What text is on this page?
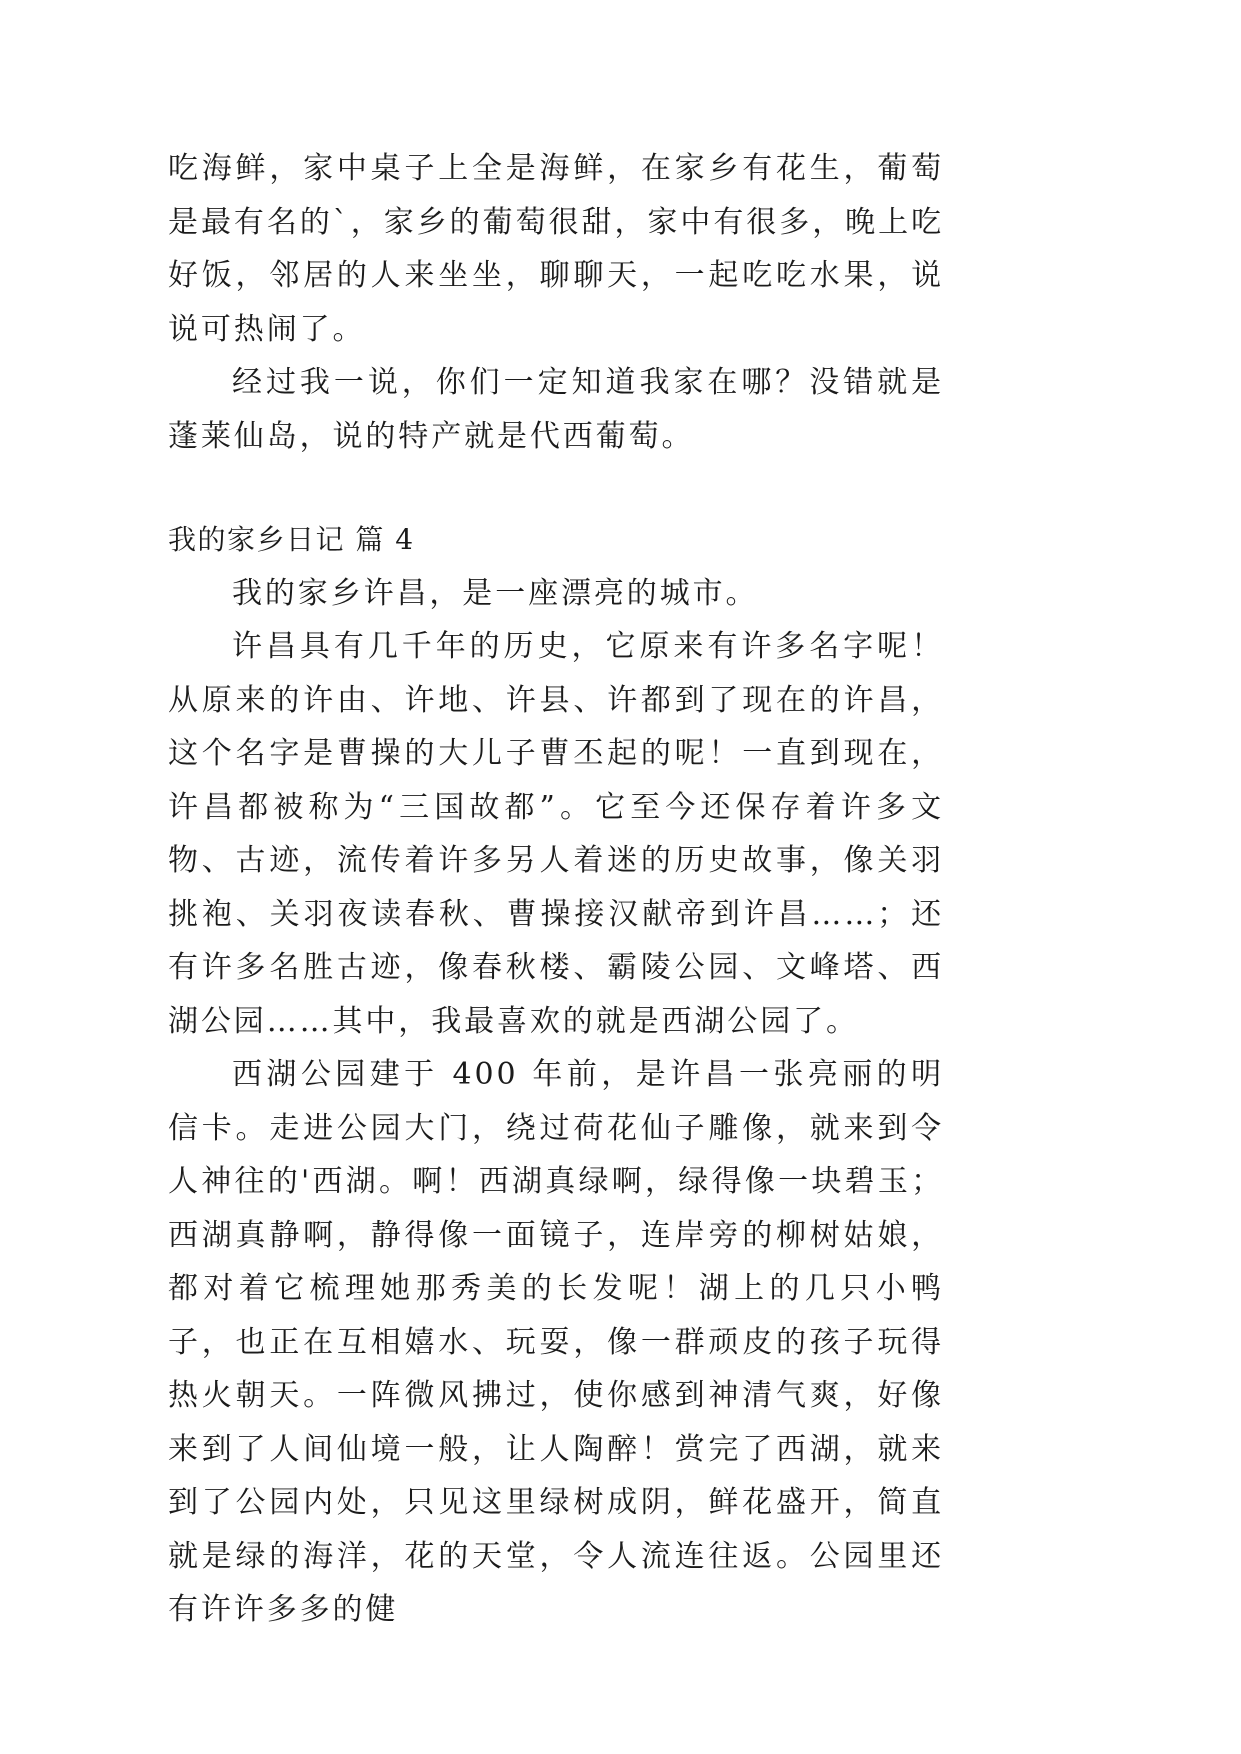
吃海鲜，家中桌子上全是海鲜，在家乡有花生，葡萄是最有名的`，家乡的葡萄很甜，家中有很多，晚上吃好饭，邻居的人来坐坐，聊聊天，一起吃吃水果，说说可热闹了。

经过我一说，你们一定知道我家在哪？没错就是蓬莱仙岛，说的特产就是代西葡萄。

我的家乡日记 篇 4

我的家乡许昌，是一座漂亮的城市。

许昌具有几千年的历史，它原来有许多名字呢！从原来的许由、许地、许县、许都到了现在的许昌，这个名字是曹操的大儿子曹丕起的呢！一直到现在，许昌都被称为“三国故都”。它至今还保存着许多文物、古迹，流传着许多另人着迷的历史故事，像关羽挑袍、关羽夜读春秋、曹操接汉献帝到许昌……；还有许多名胜古迹，像春秋楼、霸陵公园、文峰塔、西湖公园……其中，我最喜欢的就是西湖公园了。

西湖公园建于 400 年前，是许昌一张亮丽的明信卡。走进公园大门，绕过荷花仙子雕像，就来到令人神往的'西湖。啊！西湖真绿啊，绿得像一块碧玉；西湖真静啊，静得像一面镜子，连岸旁的柳树姑娘，都对着它梳理她那秀美的长发呢！湖上的几只小鸭子，也正在互相嬉水、玩耍，像一群顽皮的孩子玩得热火朝天。一阵微风拂过，使你感到神清气爽，好像来到了人间仙境一般，让人陶醉！赏完了西湖，就来到了公园内处，只见这里绿树成阴，鲜花盛开，简直就是绿的海洋，花的天堂，令人流连往返。公园里还有许许多多的健
